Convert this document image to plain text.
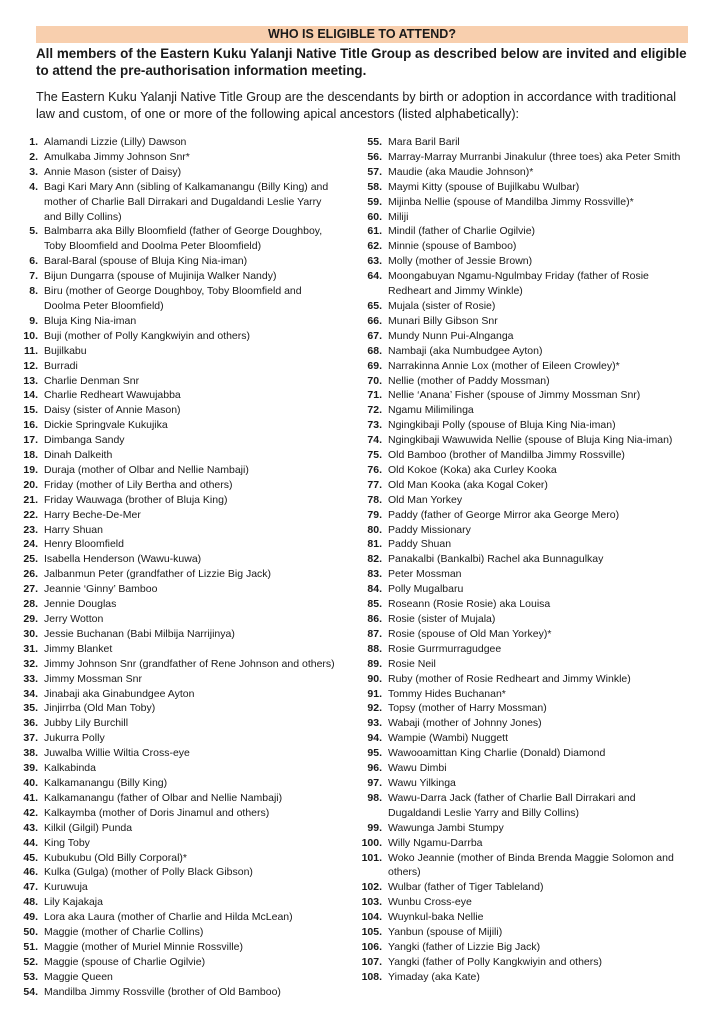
WHO IS ELIGIBLE TO ATTEND?
All members of the Eastern Kuku Yalanji Native Title Group as described below are invited and eligible to attend the pre-authorisation information meeting.
The Eastern Kuku Yalanji Native Title Group are the descendants by birth or adoption in accordance with traditional law and custom, of one or more of the following apical ancestors (listed alphabetically):
1. Alamandi Lizzie (Lilly) Dawson
2. Amulkaba Jimmy Johnson Snr*
3. Annie Mason (sister of Daisy)
4. Bagi Kari Mary Ann (sibling of Kalkamanangu (Billy King) and mother of Charlie Ball Dirrakari and Dugaldandi Leslie Yarry and Billy Collins)
5. Balmbarra aka Billy Bloomfield (father of George Doughboy, Toby Bloomfield and Doolma Peter Bloomfield)
6. Baral-Baral (spouse of Bluja King Nia-iman)
7. Bijun Dungarra (spouse of Mujinija Walker Nandy)
8. Biru (mother of George Doughboy, Toby Bloomfield and Doolma Peter Bloomfield)
9. Bluja King Nia-iman
10. Buji (mother of Polly Kangkwiyin and others)
11. Bujilkabu
12. Burradi
13. Charlie Denman Snr
14. Charlie Redheart Wawujabba
15. Daisy (sister of Annie Mason)
16. Dickie Springvale Kukujika
17. Dimbanga Sandy
18. Dinah Dalkeith
19. Duraja (mother of Olbar and Nellie Nambaji)
20. Friday (mother of Lily Bertha and others)
21. Friday Wauwaga (brother of Bluja King)
22. Harry Beche-De-Mer
23. Harry Shuan
24. Henry Bloomfield
25. Isabella Henderson (Wawu-kuwa)
26. Jalbanmun Peter (grandfather of Lizzie Big Jack)
27. Jeannie ‘Ginny’ Bamboo
28. Jennie Douglas
29. Jerry Wotton
30. Jessie Buchanan (Babi Milbija Narrijinya)
31. Jimmy Blanket
32. Jimmy Johnson Snr (grandfather of Rene Johnson and others)
33. Jimmy Mossman Snr
34. Jinabaji aka Ginabundgee Ayton
35. Jinjirrba (Old Man Toby)
36. Jubby Lily Burchill
37. Jukurra Polly
38. Juwalba Willie Wiltia Cross-eye
39. Kalkabinda
40. Kalkamanangu (Billy King)
41. Kalkamanangu (father of Olbar and Nellie Nambaji)
42. Kalkaymba (mother of Doris Jinamul and others)
43. Kilkil (Gilgil) Punda
44. King Toby
45. Kubukubu (Old Billy Corporal)*
46. Kulka (Gulga) (mother of Polly Black Gibson)
47. Kuruwuja
48. Lily Kajakaja
49. Lora aka Laura (mother of Charlie and Hilda McLean)
50. Maggie (mother of Charlie Collins)
51. Maggie (mother of Muriel Minnie Rossville)
52. Maggie (spouse of Charlie Ogilvie)
53. Maggie Queen
54. Mandilba Jimmy Rossville (brother of Old Bamboo)
55. Mara Baril Baril
56. Marray-Marray Murranbi Jinakulur (three toes) aka Peter Smith
57. Maudie (aka Maudie Johnson)*
58. Maymi Kitty (spouse of Bujilkabu Wulbar)
59. Mijinba Nellie (spouse of Mandilba Jimmy Rossville)*
60. Miliji
61. Mindil (father of Charlie Ogilvie)
62. Minnie (spouse of Bamboo)
63. Molly (mother of Jessie Brown)
64. Moongabuyan Ngamu-Ngulmbay Friday (father of Rosie Redheart and Jimmy Winkle)
65. Mujala (sister of Rosie)
66. Munari Billy Gibson Snr
67. Mundy Nunn Pui-Alnganga
68. Nambaji (aka Numbudgee Ayton)
69. Narrakinna Annie Lox (mother of Eileen Crowley)*
70. Nellie (mother of Paddy Mossman)
71. Nellie ‘Anana’ Fisher (spouse of Jimmy Mossman Snr)
72. Ngamu Milimilinga
73. Ngingkibaji Polly (spouse of Bluja King Nia-iman)
74. Ngingkibaji Wawuwida Nellie (spouse of Bluja King Nia-iman)
75. Old Bamboo (brother of Mandilba Jimmy Rossville)
76. Old Kokoe (Koka) aka Curley Kooka
77. Old Man Kooka (aka Kogal Coker)
78. Old Man Yorkey
79. Paddy (father of George Mirror aka George Mero)
80. Paddy Missionary
81. Paddy Shuan
82. Panakalbi (Bankalbi) Rachel aka Bunnagulkay
83. Peter Mossman
84. Polly Mugalbaru
85. Roseann (Rosie Rosie) aka Louisa
86. Rosie (sister of Mujala)
87. Rosie (spouse of Old Man Yorkey)*
88. Rosie Gurrmurragudgee
89. Rosie Neil
90. Ruby (mother of Rosie Redheart and Jimmy Winkle)
91. Tommy Hides Buchanan*
92. Topsy (mother of Harry Mossman)
93. Wabaji (mother of Johnny Jones)
94. Wampie (Wambi) Nuggett
95. Wawooamittan King Charlie (Donald) Diamond
96. Wawu Dimbi
97. Wawu Yilkinga
98. Wawu-Darra Jack (father of Charlie Ball Dirrakari and Dugaldandi Leslie Yarry and Billy Collins)
99. Wawunga Jambi Stumpy
100. Willy Ngamu-Darrba
101. Woko Jeannie (mother of Binda Brenda Maggie Solomon and others)
102. Wulbar (father of Tiger Tableland)
103. Wunbu Cross-eye
104. Wuynkul-baka Nellie
105. Yanbun (spouse of Mijili)
106. Yangki (father of Lizzie Big Jack)
107. Yangki (father of Polly Kangkwiyin and others)
108. Yimaday (aka Kate)
